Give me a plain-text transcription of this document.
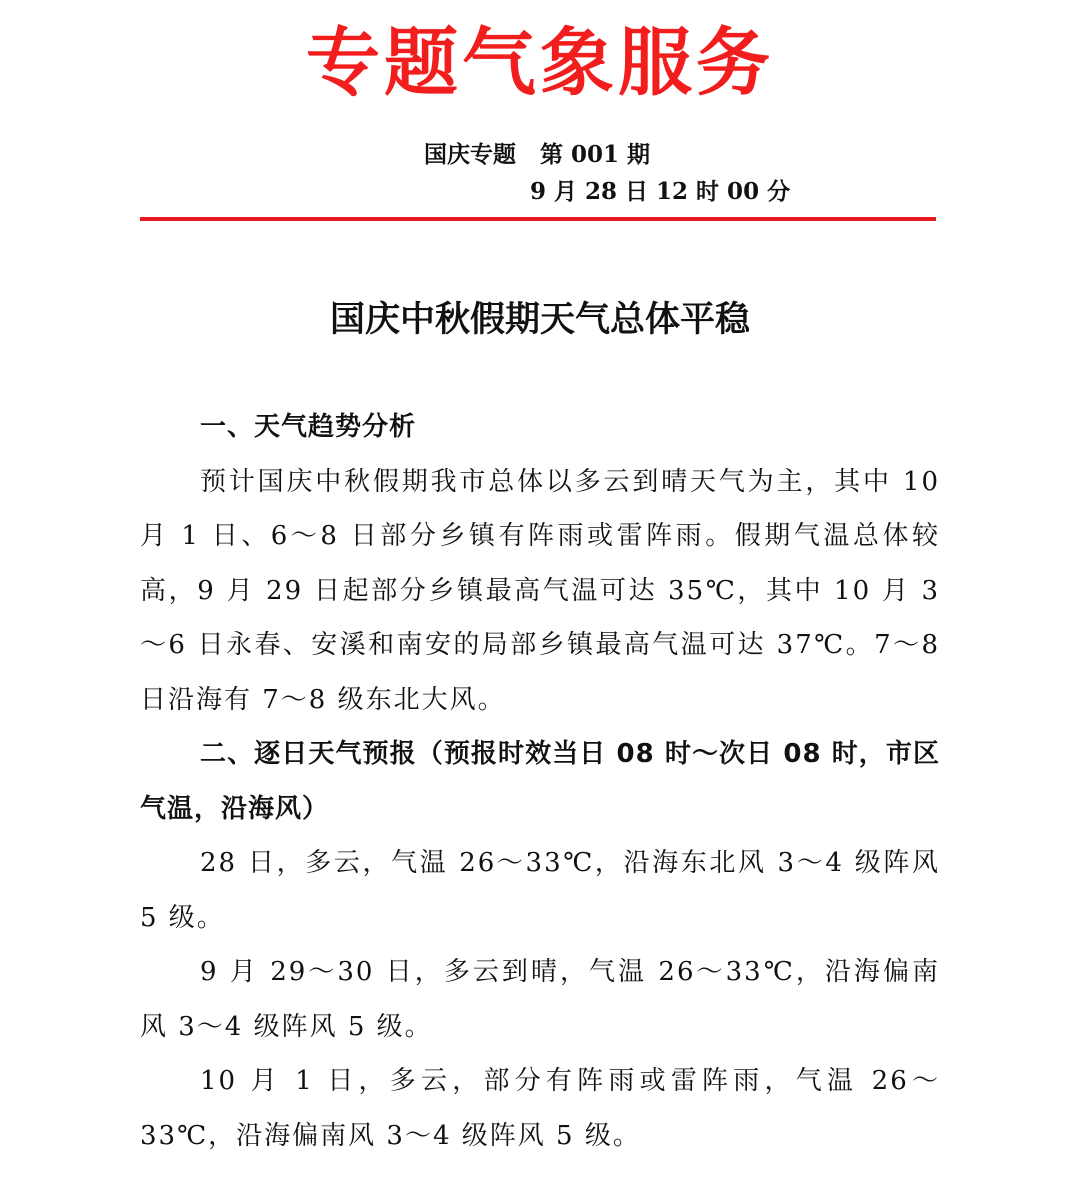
专题气象服务
国庆专题 第 001 期
9 月 28 日 12 时 00 分
国庆中秋假期天气总体平稳

一、天气趋势分析

预计国庆中秋假期我市总体以多云到晴天气为主，其中 10 月 1 日、6～8 日部分乡镇有阵雨或雷阵雨。假期气温总体较高，9 月 29 日起部分乡镇最高气温可达 35℃，其中 10 月 3～6 日永春、安溪和南安的局部乡镇最高气温可达 37℃。7～8 日沿海有 7～8 级东北大风。

二、逐日天气预报（预报时效当日 08 时～次日 08 时，市区气温，沿海风）

28 日，多云，气温 26～33℃，沿海东北风 3～4 级阵风 5 级。

9 月 29～30 日，多云到晴，气温 26～33℃，沿海偏南风 3～4 级阵风 5 级。

10 月 1 日，多云，部分有阵雨或雷阵雨，气温 26～33℃，沿海偏南风 3～4 级阵风 5 级。
